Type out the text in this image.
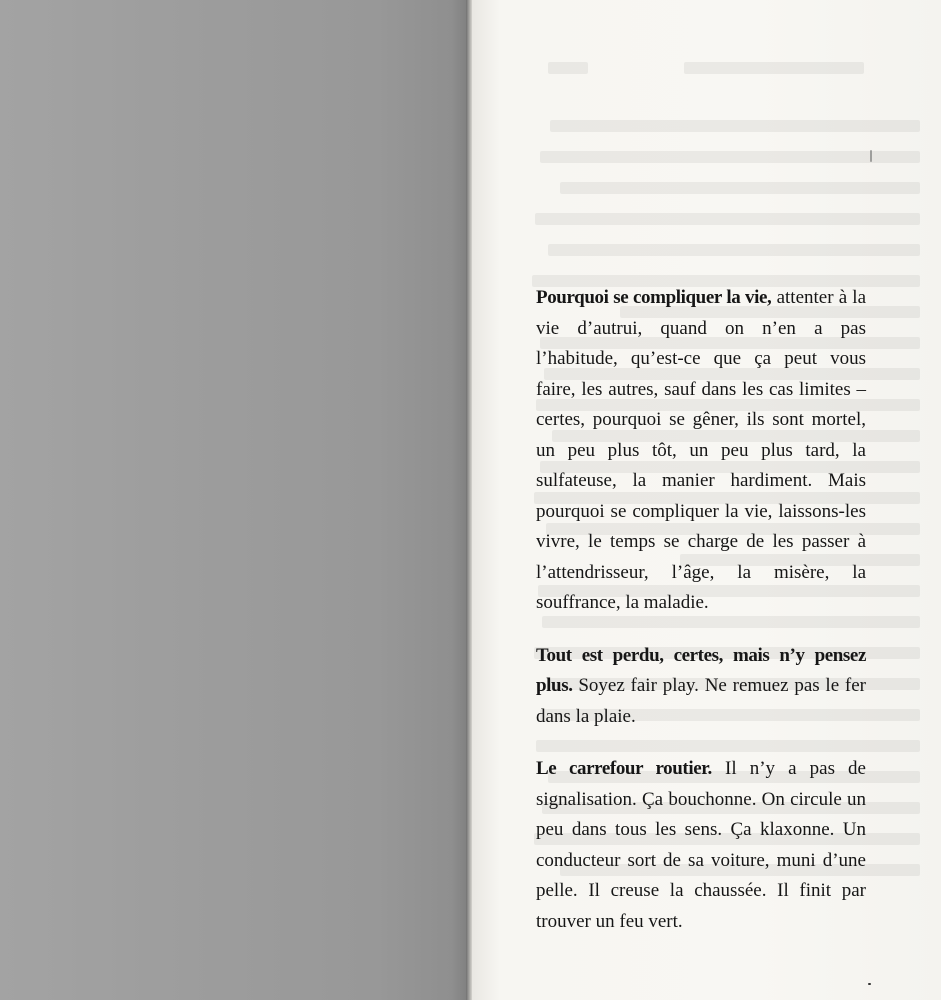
Pourquoi se compliquer la vie, attenter à la vie d’autrui, quand on n’en a pas l’habitude, qu’est-ce que ça peut vous faire, les autres, sauf dans les cas limites – certes, pourquoi se gêner, ils sont mortel, un peu plus tôt, un peu plus tard, la sulfateuse, la manier hardiment. Mais pourquoi se compliquer la vie, laissons-les vivre, le temps se charge de les passer à l’attendrisseur, l’âge, la misère, la souffrance, la maladie.

Tout est perdu, certes, mais n’y pensez plus. Soyez fair play. Ne remuez pas le fer dans la plaie.

Le carrefour routier. Il n’y a pas de signalisation. Ça bouchonne. On circule un peu dans tous les sens. Ça klaxonne. Un conducteur sort de sa voiture, muni d’une pelle. Il creuse la chaussée. Il finit par trouver un feu vert.
